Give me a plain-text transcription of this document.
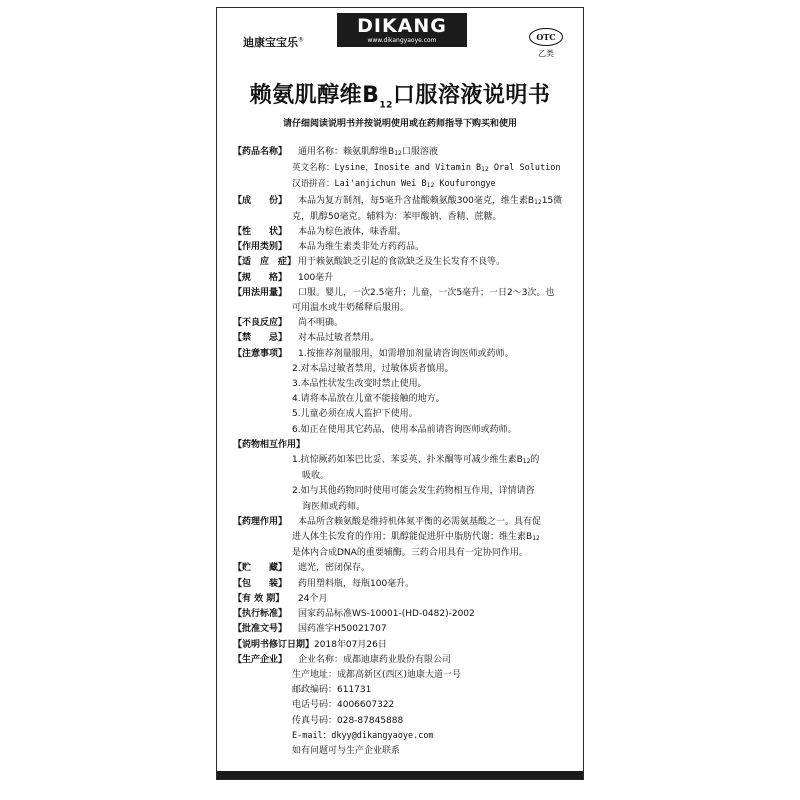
迪康宝宝乐®
DIKANG
www.dikangyaoye.com	OTC
乙类
赖氨肌醇维$B_{12}$口服溶液说明书
请仔细阅读说明书并按说明使用或在药师指导下购买和使用
【药品名称】	通用名称：赖氨肌醇维B12口服溶液
英文名称：Lysine，Inosite and Vitamin B12 Oral Solution
汉语拼音：Lai'anjichun Wei B12 Koufurongye
【成　　份】	本品为复方制剂，每5毫升含盐酸赖氨酸300毫克，维生素B1215微
克，肌醇50毫克。辅料为：苯甲酸钠、香精、蔗糖。
【性　　状】	本品为棕色液体，味香甜。
【作用类别】	本品为维生素类非处方药药品。
【适　应　症】 用于赖氨酸缺乏引起的食欲缺乏及生长发育不良等。
【规　　格】	100毫升
【用法用量】	口服。婴儿，一次2.5毫升；儿童，一次5毫升；一日2～3次。也
可用温水或牛奶稀释后服用。
【不良反应】	尚不明确。
【禁　　忌】	对本品过敏者禁用。
【注意事项】	1.按推荐剂量服用，如需增加剂量请咨询医师或药师。
2.对本品过敏者禁用，过敏体质者慎用。
3.本品性状发生改变时禁止使用。
4.请将本品放在儿童不能接触的地方。
5.儿童必须在成人监护下使用。
6.如正在使用其它药品，使用本品前请咨询医师或药师。
【药物相互作用】
1.抗惊厥药如苯巴比妥、苯妥英、扑米酮等可减少维生素B12的
吸收。
2.如与其他药物同时使用可能会发生药物相互作用，详情请咨
询医师或药师。
【药理作用】	本品所含赖氨酸是维持机体氮平衡的必需氨基酸之一。具有促
进人体生长发育的作用；肌醇能促进肝中脂肪代谢；维生素B12
是体内合成DNA的重要辅酶。三药合用具有一定协同作用。
【贮　　藏】	遮光，密闭保存。
【包　　装】	药用塑料瓶，每瓶100毫升。
【有 效 期】	24个月
【执行标准】	国家药品标准WS-10001-(HD-0482)-2002
【批准文号】	国药准字H50021707
【说明书修订日期】 2018年07月26日
【生产企业】	企业名称：成都迪康药业股份有限公司
生产地址：成都高新区(西区)迪康大道一号
邮政编码：611731
电话号码：4006607322
传真号码：028-87845888
E-mail：dkyy@dikangyaoye.com
如有问题可与生产企业联系
